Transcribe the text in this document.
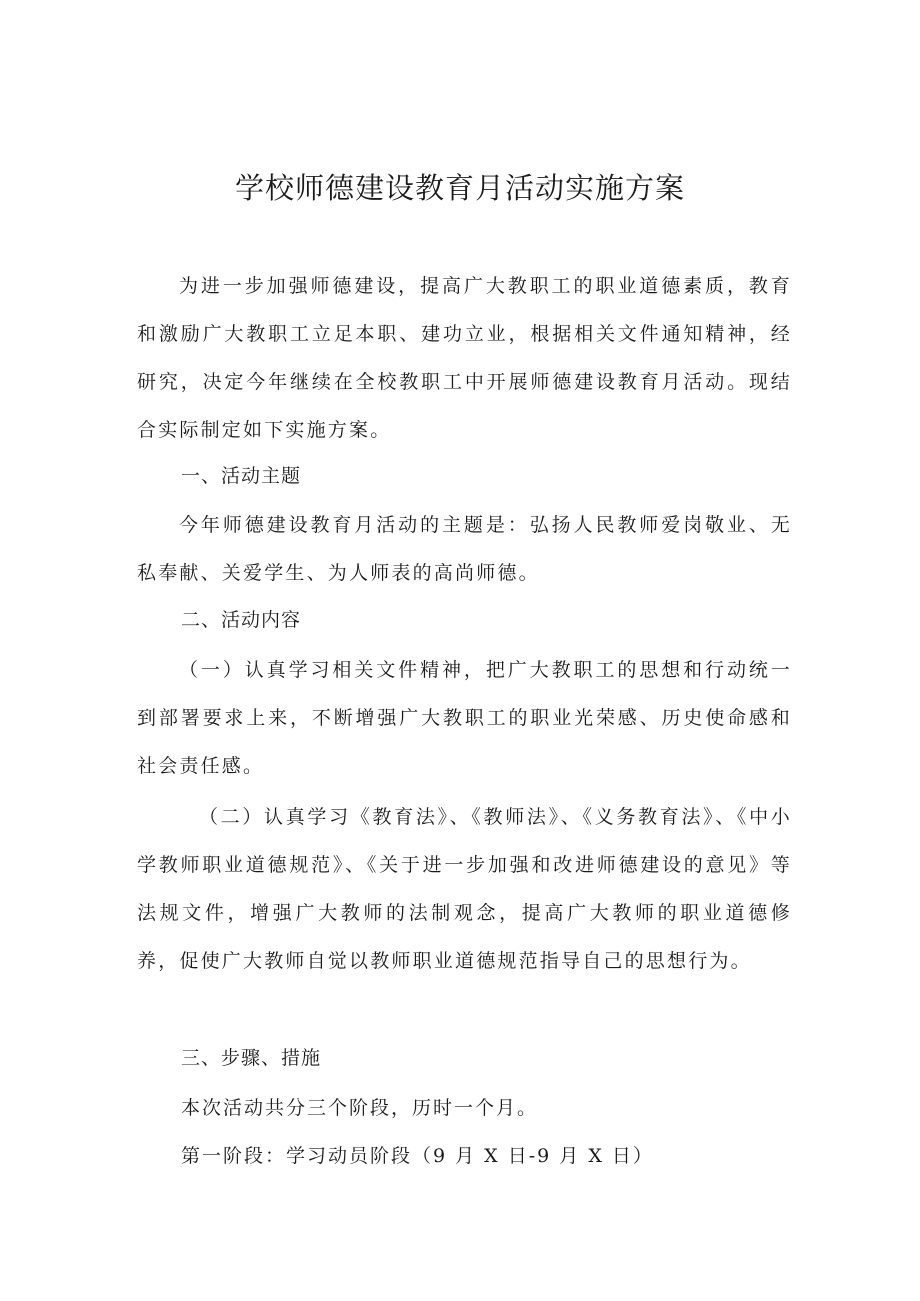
学校师德建设教育月活动实施方案

为进一步加强师德建设，提高广大教职工的职业道德素质，教育和激励广大教职工立足本职、建功立业，根据相关文件通知精神，经研究，决定今年继续在全校教职工中开展师德建设教育月活动。现结合实际制定如下实施方案。

一、活动主题

今年师德建设教育月活动的主题是：弘扬人民教师爱岗敬业、无私奉献、关爱学生、为人师表的高尚师德。

二、活动内容

（一）认真学习相关文件精神，把广大教职工的思想和行动统一到部署要求上来，不断增强广大教职工的职业光荣感、历史使命感和社会责任感。

（二）认真学习《教育法》、《教师法》、《义务教育法》、《中小学教师职业道德规范》、《关于进一步加强和改进师德建设的意见》等法规文件，增强广大教师的法制观念，提高广大教师的职业道德修养，促使广大教师自觉以教师职业道德规范指导自己的思想行为。

三、步骤、措施

本次活动共分三个阶段，历时一个月。

第一阶段：学习动员阶段（9 月 X 日-9 月 X 日）
